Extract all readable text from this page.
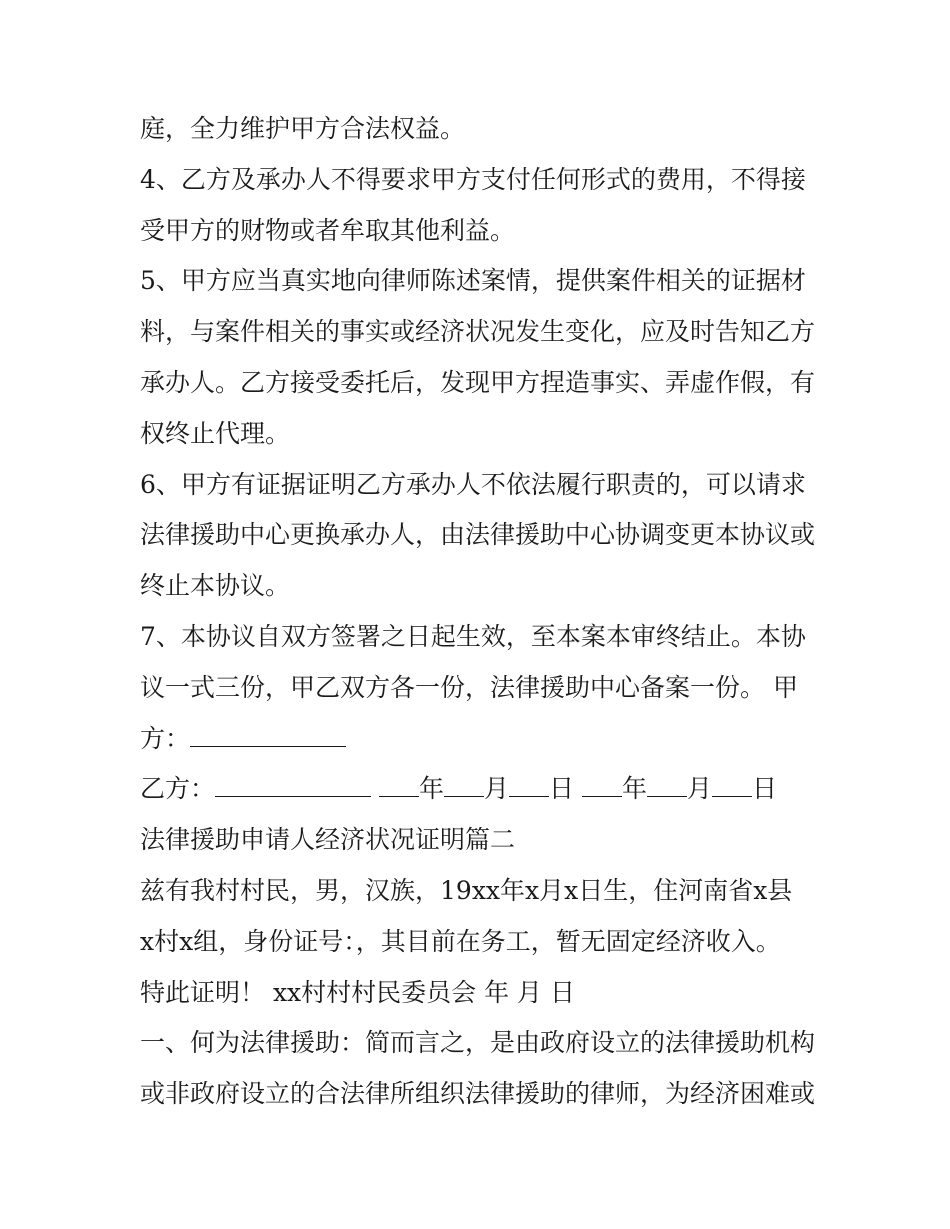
庭，全力维护甲方合法权益。
4、乙方及承办人不得要求甲方支付任何形式的费用，不得接
受甲方的财物或者牟取其他利益。
5、甲方应当真实地向律师陈述案情，提供案件相关的证据材
料，与案件相关的事实或经济状况发生变化，应及时告知乙方
承办人。乙方接受委托后，发现甲方捏造事实、弄虚作假，有
权终止代理。
6、甲方有证据证明乙方承办人不依法履行职责的，可以请求
法律援助中心更换承办人，由法律援助中心协调变更本协议或
终止本协议。
7、本协议自双方签署之日起生效，至本案本审终结止。本协
议一式三份，甲乙双方各一份，法律援助中心备案一份。 甲
方：
乙方：	年 月 日 年 月 日
法律援助申请人经济状况证明篇二
兹有我村村民，男，汉族，19xx年x月x日生，住河南省x县
x村x组，身份证号：，其目前在务工，暂无固定经济收入。
特此证明！ xx村村村民委员会 年 月 日
一、何为法律援助：简而言之，是由政府设立的法律援助机构
或非政府设立的合法律所组织法律援助的律师，为经济困难或
